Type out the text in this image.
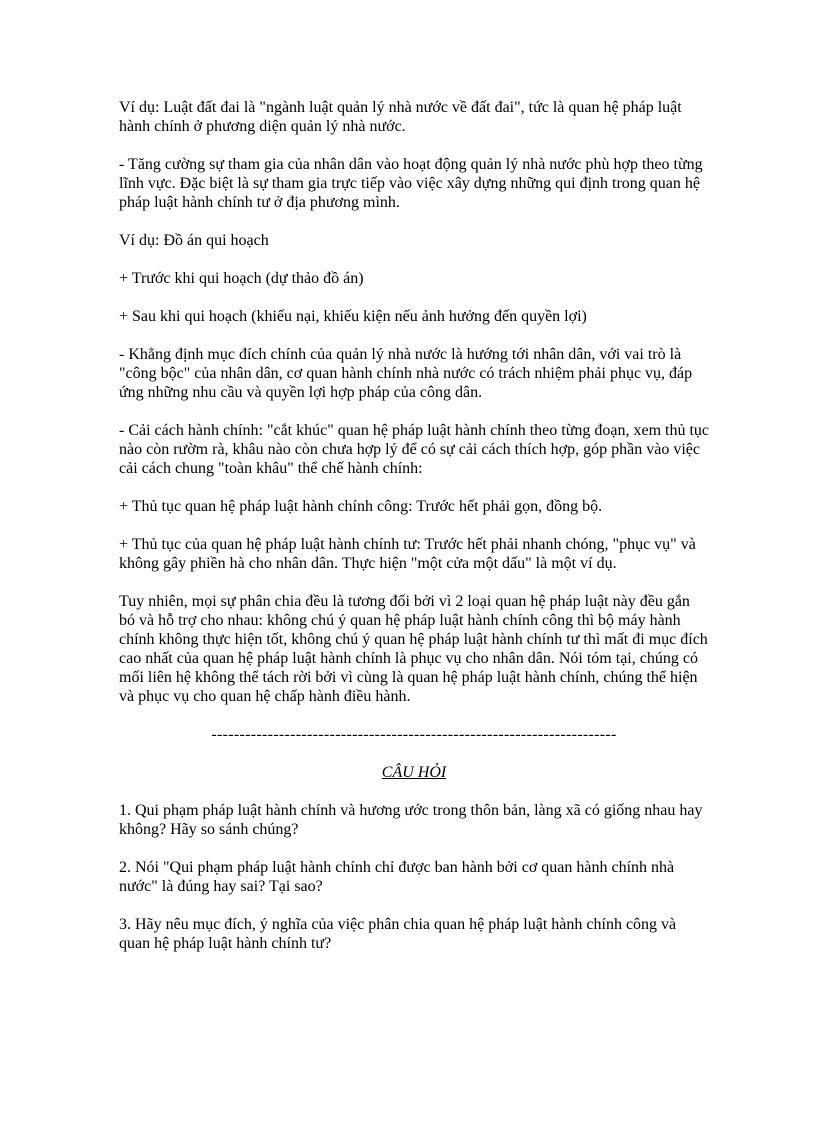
Ví dụ: Luật đất đai là "ngành luật quản lý nhà nước về đất đai", tức là quan hệ pháp luật hành chính ở phương diện quản lý nhà nước.

- Tăng cường sự tham gia của nhân dân vào hoạt động quản lý nhà nước phù hợp theo từng lĩnh vực. Đặc biệt là sự tham gia trực tiếp vào việc xây dựng những qui định trong quan hệ pháp luật hành chính tư ở địa phương mình.

Ví dụ: Đồ án qui hoạch

+ Trước khi qui hoạch (dự thảo đồ án)

+ Sau khi qui hoạch (khiếu nại, khiếu kiện nếu ảnh hưởng đến quyền lợi)

- Khẳng định mục đích chính của quản lý nhà nước là hướng tới nhân dân, với vai trò là "công bộc" của nhân dân, cơ quan hành chính nhà nước có trách nhiệm phải phục vụ, đáp ứng những nhu cầu và quyền lợi hợp pháp của công dân.

- Cải cách hành chính: "cắt khúc" quan hệ pháp luật hành chính theo từng đoạn, xem thủ tục nào còn rườm rà, khâu nào còn chưa hợp lý để có sự cải cách thích hợp, góp phần vào việc cải cách chung "toàn khâu" thể chế hành chính:

+ Thủ tục quan hệ pháp luật hành chính công: Trước hết phải gọn, đồng bộ.

+ Thủ tục của quan hệ pháp luật hành chính tư: Trước hết phải nhanh chóng, "phục vụ" và không gây phiền hà cho nhân dân. Thực hiện "một cửa một dấu" là một ví dụ.

Tuy nhiên, mọi sự phân chia đều là tương đối bởi vì 2 loại quan hệ pháp luật này đều gắn bó và hỗ trợ cho nhau: không chú ý quan hệ pháp luật hành chính công thì bộ máy hành chính không thực hiện tốt, không chú ý quan hệ pháp luật hành chính tư thì mất đi mục đích cao nhất của quan hệ pháp luật hành chính là phục vụ cho nhân dân. Nói tóm tại, chúng có mối liên hệ không thể tách rời bởi vì cùng là quan hệ pháp luật hành chính, chúng thể hiện và phục vụ cho quan hệ chấp hành điều hành.

------------------------------------------------------------------------
CÂU HỎI

1. Qui phạm pháp luật hành chính và hương ước trong thôn bản, làng xã có giống nhau hay không? Hãy so sánh chúng?

2. Nói "Qui phạm pháp luật hành chính chỉ được ban hành bởi cơ quan hành chính nhà nước" là đúng hay sai? Tại sao?

3. Hãy nêu mục đích, ý nghĩa của việc phân chia quan hệ pháp luật hành chính công và quan hệ pháp luật hành chính tư?
